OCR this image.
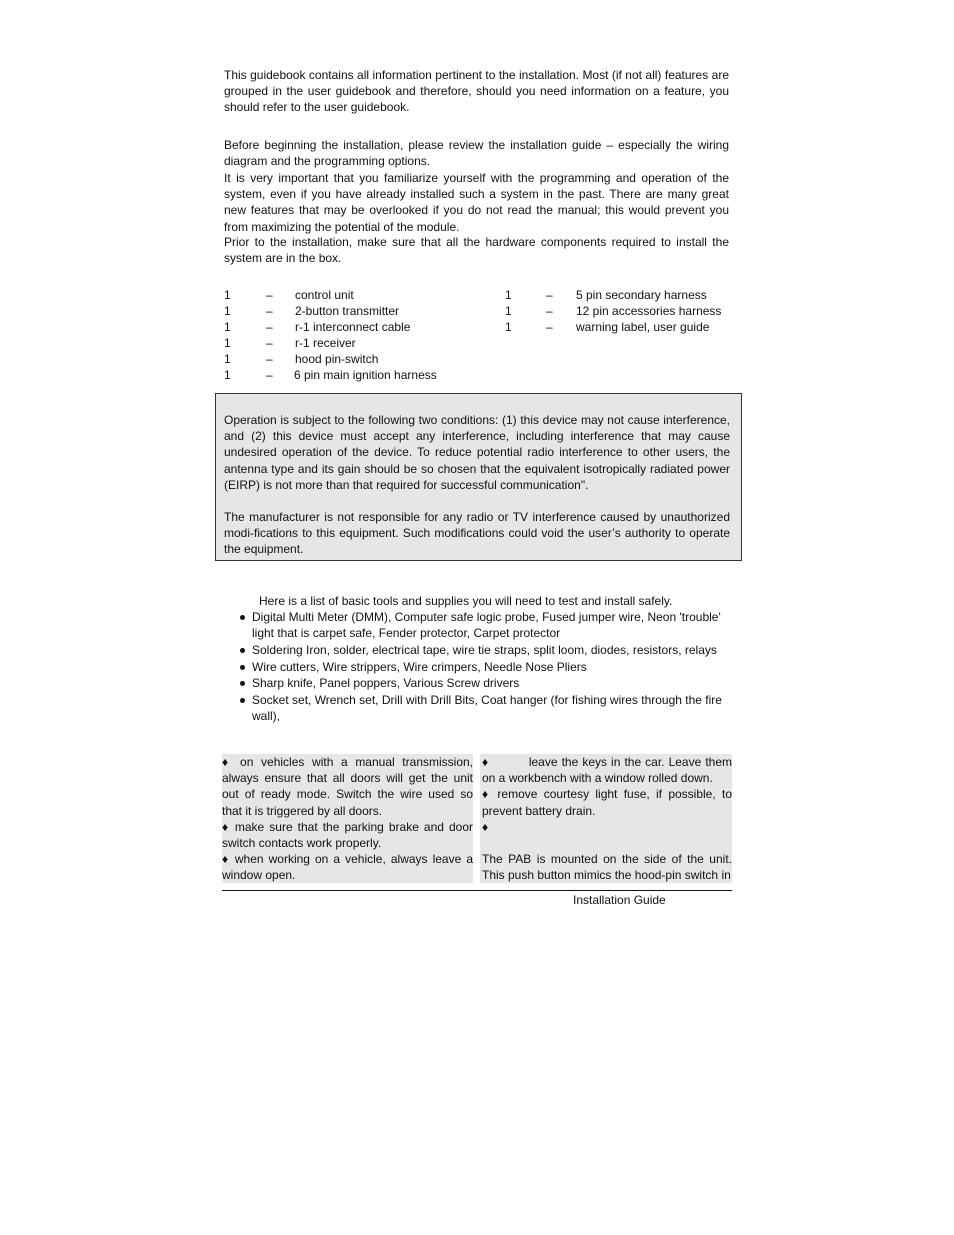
This guidebook contains all information pertinent to the installation. Most (if not all) features are grouped in the user guidebook and therefore, should you need information on a feature, you should refer to the user guidebook.

Before beginning the installation, please review the installation guide – especially the wiring diagram and the programming options.

It is very important that you familiarize yourself with the programming and operation of the system, even if you have already installed such a system in the past. There are many great new features that may be overlooked if you do not read the manual; this would prevent you from maximizing the potential of the module.

Prior to the installation, make sure that all the hardware components required to install the system are in the box.

1	– control unit	1	– 5 pin secondary harness
1	– 2-button transmitter	1	– 12 pin accessories harness
1	– r-1 interconnect cable	1	– warning label, user guide
1	– r-1 receiver
1	– hood pin-switch
1	– 6 pin main ignition harness

Operation is subject to the following two conditions: (1) this device may not cause interference, and (2) this device must accept any interference, including interference that may cause undesired operation of the device. To reduce potential radio interference to other users, the antenna type and its gain should be so chosen that the equivalent isotropically radiated power (EIRP) is not more than that required for successful communication".

The manufacturer is not responsible for any radio or TV interference caused by unauthorized modi-fications to this equipment. Such modifications could void the user’s authority to operate the equipment.

Here is a list of basic tools and supplies you will need to test and install safely.
Digital Multi Meter (DMM), Computer safe logic probe, Fused jumper wire, Neon 'trouble' light that is carpet safe, Fender protector, Carpet protector
Soldering Iron, solder, electrical tape, wire tie straps, split loom, diodes, resistors, relays
Wire cutters, Wire strippers, Wire crimpers, Needle Nose Pliers
Sharp knife, Panel poppers, Various Screw drivers
Socket set, Wrench set, Drill with Drill Bits, Coat hanger (for fishing wires through the fire wall),

♦ on vehicles with a manual transmission, always ensure that all doors will get the unit out of ready mode. Switch the wire used so that it is triggered by all doors.

♦ make sure that the parking brake and door switch contacts work properly.

♦ when working on a vehicle, always leave a window open.

♦	leave the keys in the car. Leave them on a workbench with a window rolled down.

♦ remove courtesy light fuse, if possible, to prevent battery drain.

♦

The PAB is mounted on the side of the unit. This push button mimics the hood-pin switch in

Installation Guide
